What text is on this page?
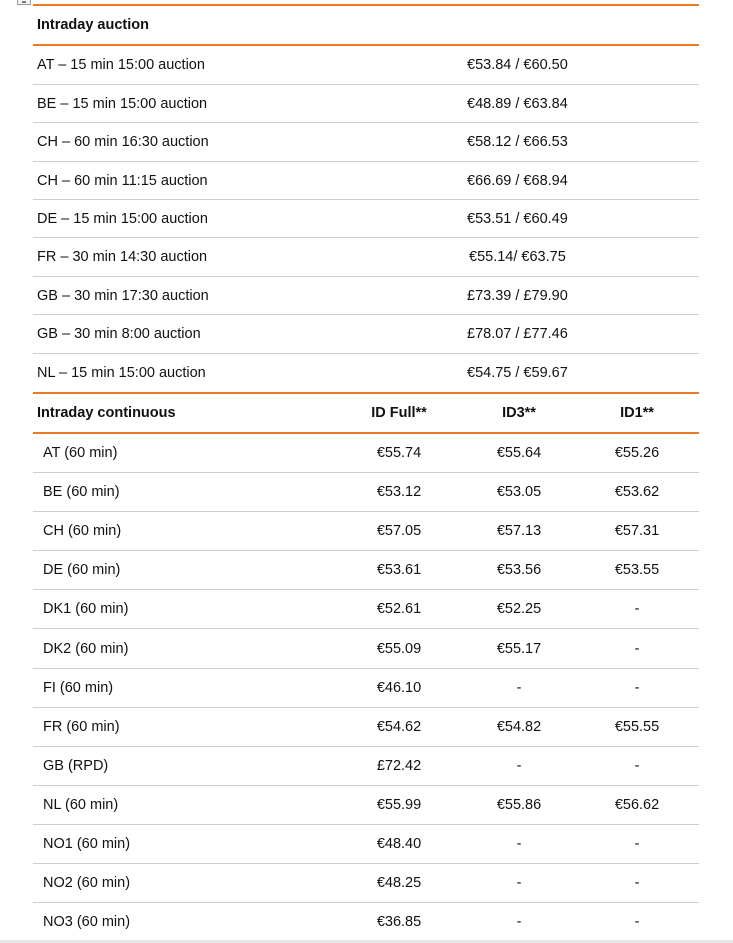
Intraday auction
AT – 15 min 15:00 auction	€53.84 / €60.50
BE – 15 min 15:00 auction	€48.89 / €63.84
CH – 60 min 16:30 auction	€58.12 / €66.53
CH – 60 min 11:15 auction	€66.69 / €68.94
DE – 15 min 15:00 auction	€53.51 / €60.49
FR – 30 min 14:30 auction	€55.14/ €63.75
GB – 30 min 17:30 auction	£73.39 / £79.90
GB – 30 min 8:00 auction	£78.07 / £77.46
NL – 15 min 15:00 auction	€54.75 / €59.67
Intraday continuous	ID Full**	ID3**	ID1**
AT (60 min)	€55.74	€55.64	€55.26
BE (60 min)	€53.12	€53.05	€53.62
CH (60 min)	€57.05	€57.13	€57.31
DE (60 min)	€53.61	€53.56	€53.55
DK1 (60 min)	€52.61	€52.25	-
DK2 (60 min)	€55.09	€55.17	-
FI (60 min)	€46.10	-	-
FR (60 min)	€54.62	€54.82	€55.55
GB (RPD)	£72.42	-	-
NL (60 min)	€55.99	€55.86	€56.62
NO1 (60 min)	€48.40	-	-
NO2 (60 min)	€48.25	-	-
NO3 (60 min)	€36.85	-	-
